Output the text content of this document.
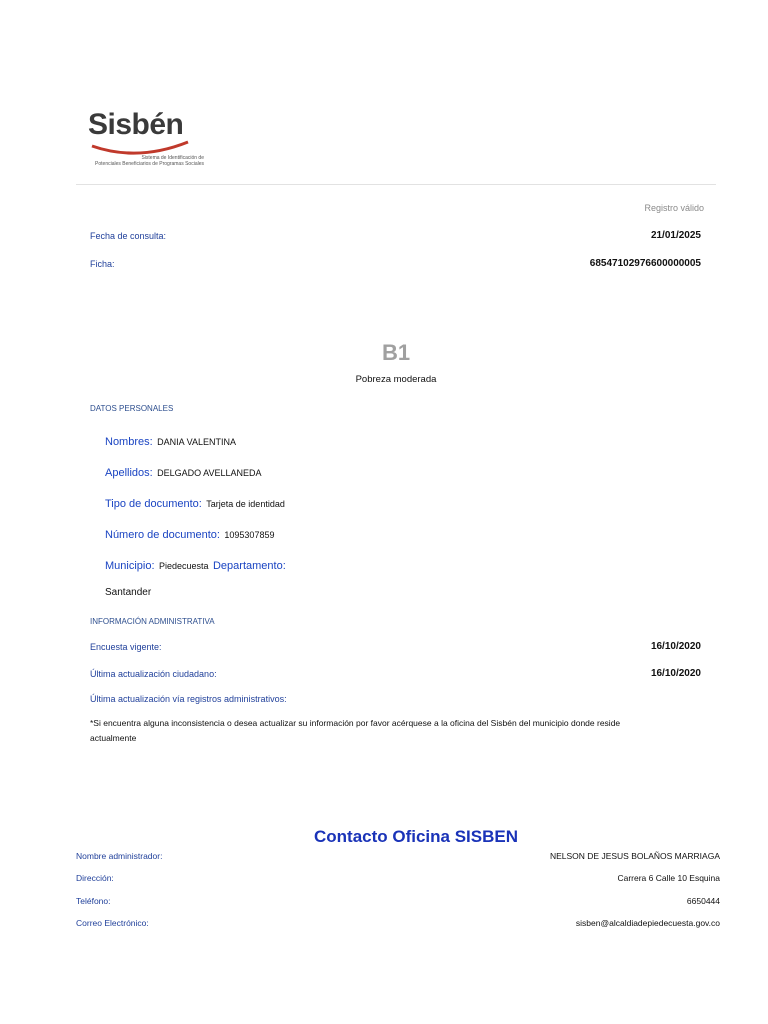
Sisbén
Sistema de Identificación de
Potenciales Beneficiarios de Programas Sociales
Registro válido
Fecha de consulta:	21/01/2025
Ficha:	68547102976600000005
B1
Pobreza moderada
DATOS PERSONALES
Nombres: DANIA VALENTINA
Apellidos: DELGADO AVELLANEDA
Tipo de documento: Tarjeta de identidad
Número de documento: 1095307859
Municipio: Piedecuesta Departamento:
Santander
INFORMACIÓN ADMINISTRATIVA
Encuesta vigente:	16/10/2020
Última actualización ciudadano:	16/10/2020
Última actualización vía registros administrativos:
*Si encuentra alguna inconsistencia o desea actualizar su información por favor acérquese a la oficina del Sisbén del municipio donde reside
actualmente
Contacto Oficina SISBEN
Nombre administrador:	NELSON DE JESUS BOLAÑOS MARRIAGA
Dirección:	Carrera 6 Calle 10 Esquina
Teléfono:	6650444
Correo Electrónico:	sisben@alcaldiadepiedecuesta.gov.co
